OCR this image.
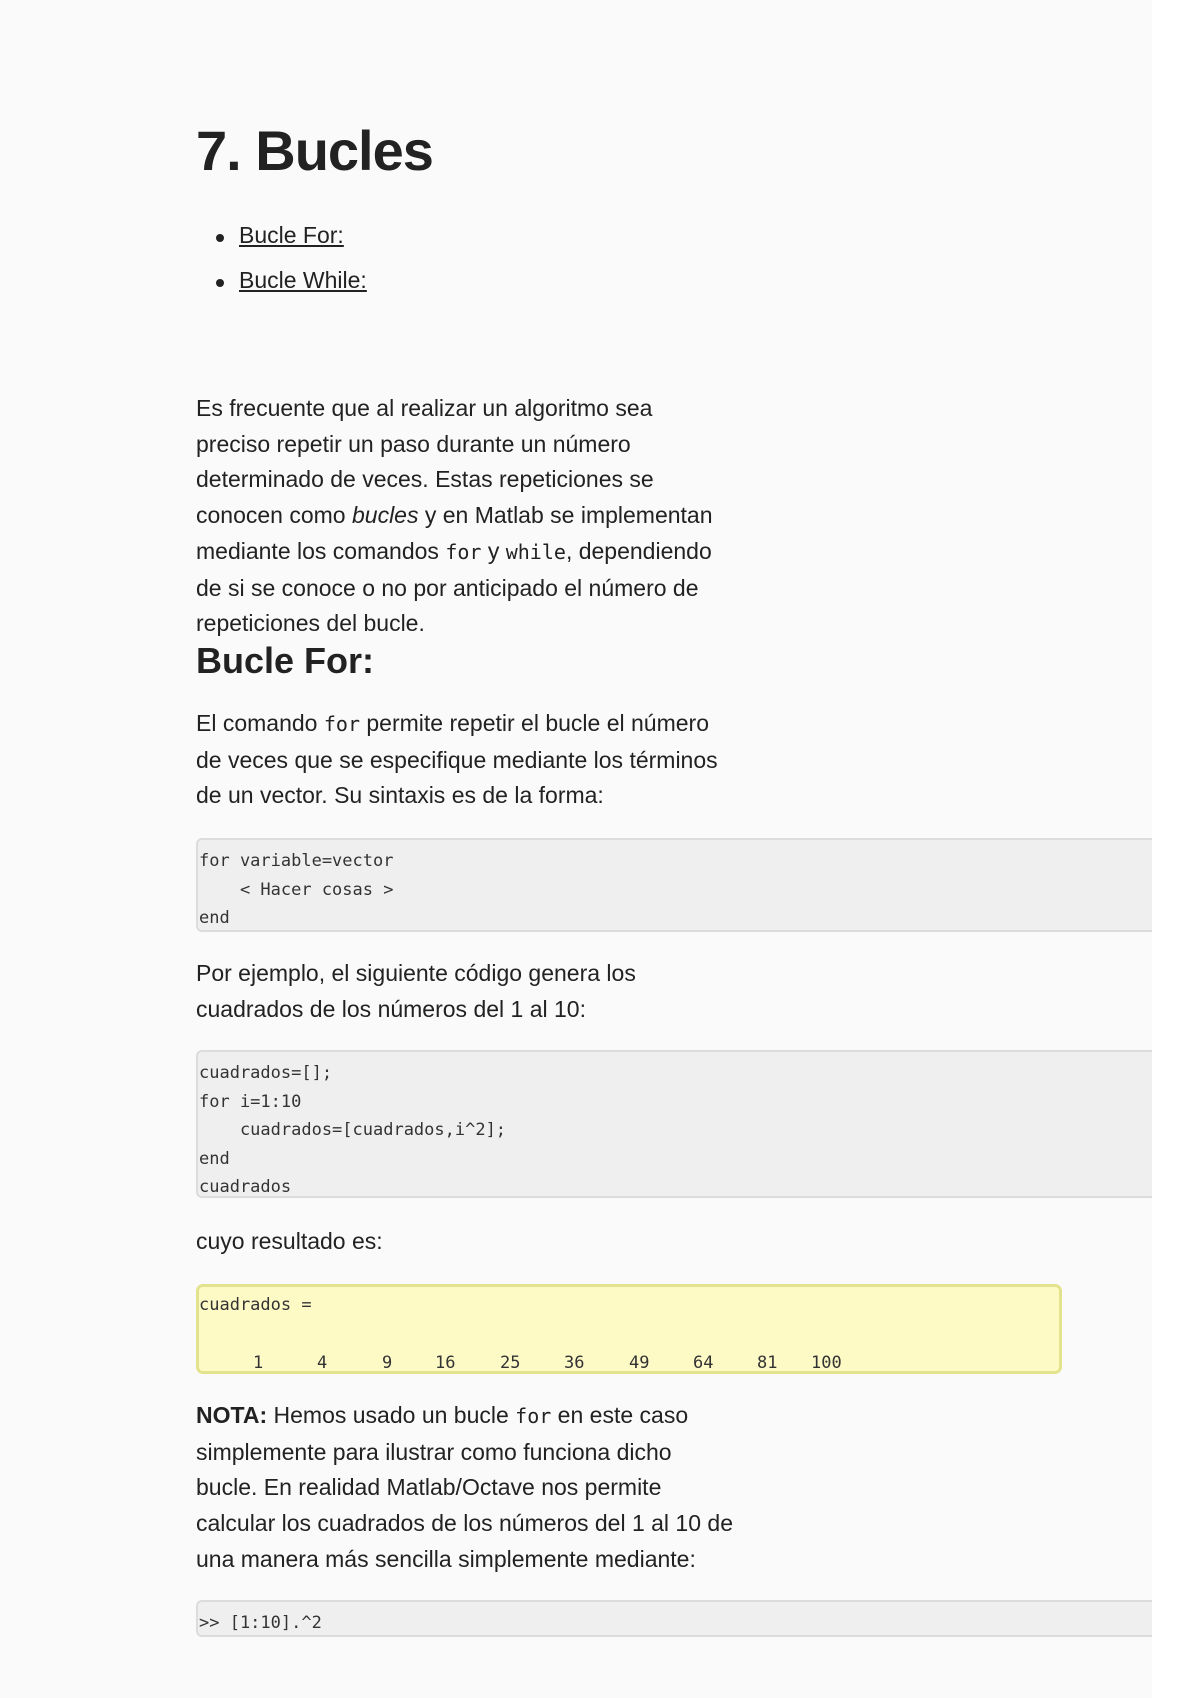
7. Bucles
Bucle For:
Bucle While:

Es frecuente que al realizar un algoritmo sea preciso repetir un paso durante un número determinado de veces. Estas repeticiones se conocen como bucles y en Matlab se implementan mediante los comandos for y while, dependiendo de si se conoce o no por anticipado el número de repeticiones del bucle.

Bucle For:

El comando for permite repetir el bucle el número de veces que se especifique mediante los términos de un vector. Su sintaxis es de la forma:

for variable=vector
< Hacer cosas >
end

Por ejemplo, el siguiente código genera los cuadrados de los números del 1 al 10:

cuadrados=[];
for i=1:10
cuadrados=[cuadrados,i^2];
end
cuadrados

cuyo resultado es:

cuadrados =
1	4	9	16	25	36	49	64	81 100

NOTA: Hemos usado un bucle for en este caso simplemente para ilustrar como funciona dicho bucle. En realidad Matlab/Octave nos permite calcular los cuadrados de los números del 1 al 10 de una manera más sencilla simplemente mediante:

>> [1:10].^2
